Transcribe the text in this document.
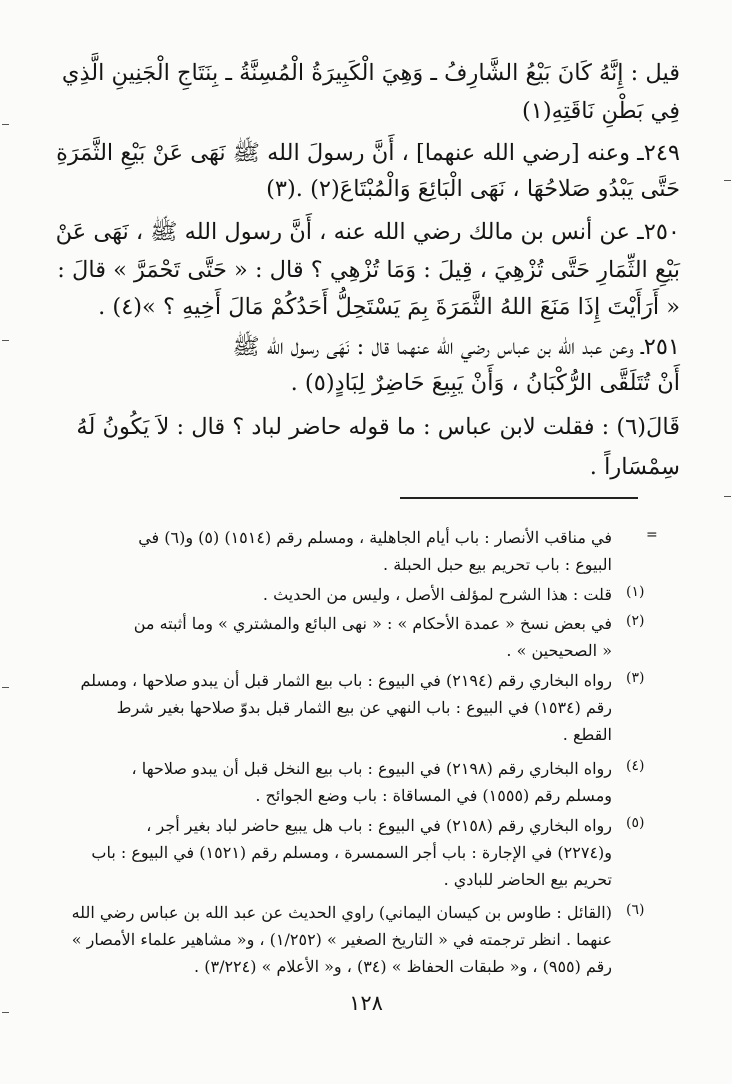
قيل : إِنَّهُ كَانَ بَيْعُ الشَّارِفُ ـ وَهِيَ الْكَبِيرَةُ الْمُسِنَّةُ ـ بِنَتَاجِ الْجَنِينِ الَّذِي
فِي بَطْنِ نَاقَتِهِ(١)
٢٤٩ـ وعنه [رضي الله عنهما] ، أَنَّ رسولَ الله ﷺ نَهَى عَنْ بَيْعِ الثَّمَرَةِ
حَتَّى يَبْدُو صَلاحُهَا ، نَهَى الْبَائِعَ وَالْمُبْتَاعَ(٢) .(٣)
٢٥٠ـ عن أنس بن مالك رضي الله عنه ، أَنَّ رسول الله ﷺ ، نَهَى عَنْ
بَيْعِ الثِّمَارِ حَتَّى تُزْهِيَ ، قِيلَ : وَمَا تُزْهِي ؟ قال : « حَتَّى تَحْمَرَّ » قالَ :
« أَرَأَيْتَ إِذَا مَنَعَ اللهُ الثَّمَرَةَ بِمَ يَسْتَحِلُّ أَحَدُكُمْ مَالَ أَخِيهِ ؟ »(٤) .
٢٥١ـ وعن عبد الله بن عباس رضي الله عنهما قال : نَهَى رسول الله ﷺ
أَنْ تُتَلَقَّى الرُّكْبَانُ ، وَأَنْ يَبِيعَ حَاضِرٌ لِبَادٍ(٥) .
قَالَ(٦) : فقلت لابن عباس : ما قوله حاضر لباد ؟ قال : لاَ يَكُونُ لَهُ
سِمْسَاراً .
=
(١)
(٢)
(٣)
(٤)
(٥)
(٦)
في مناقب الأنصار : باب أيام الجاهلية ، ومسلم رقم (١٥١٤) (٥) و(٦) في
البيوع : باب تحريم بيع حبل الحبلة .
قلت : هذا الشرح لمؤلف الأصل ، وليس من الحديث .
في بعض نسخ « عمدة الأحكام » : « نهى البائع والمشتري » وما أثبته من
« الصحيحين » .
رواه البخاري رقم (٢١٩٤) في البيوع : باب بيع الثمار قبل أن يبدو صلاحها ، ومسلم
رقم (١٥٣٤) في البيوع : باب النهي عن بيع الثمار قبل بدوّ صلاحها بغير شرط
القطع .
رواه البخاري رقم (٢١٩٨) في البيوع : باب بيع النخل قبل أن يبدو صلاحها ،
ومسلم رقم (١٥٥٥) في المساقاة : باب وضع الجوائح .
رواه البخاري رقم (٢١٥٨) في البيوع : باب هل يبيع حاضر لباد بغير أجر ،
و(٢٢٧٤) في الإجارة : باب أجر السمسرة ، ومسلم رقم (١٥٢١) في البيوع : باب
تحريم بيع الحاضر للبادي .
(القائل : طاوس بن كيسان اليماني) راوي الحديث عن عبد الله بن عباس رضي الله
عنهما . انظر ترجمته في « التاريخ الصغير » (١/٢٥٢) ، و« مشاهير علماء الأمصار »
رقم (٩٥٥) ، و« طبقات الحفاظ » (٣٤) ، و« الأعلام » (٣/٢٢٤) .
١٢٨
